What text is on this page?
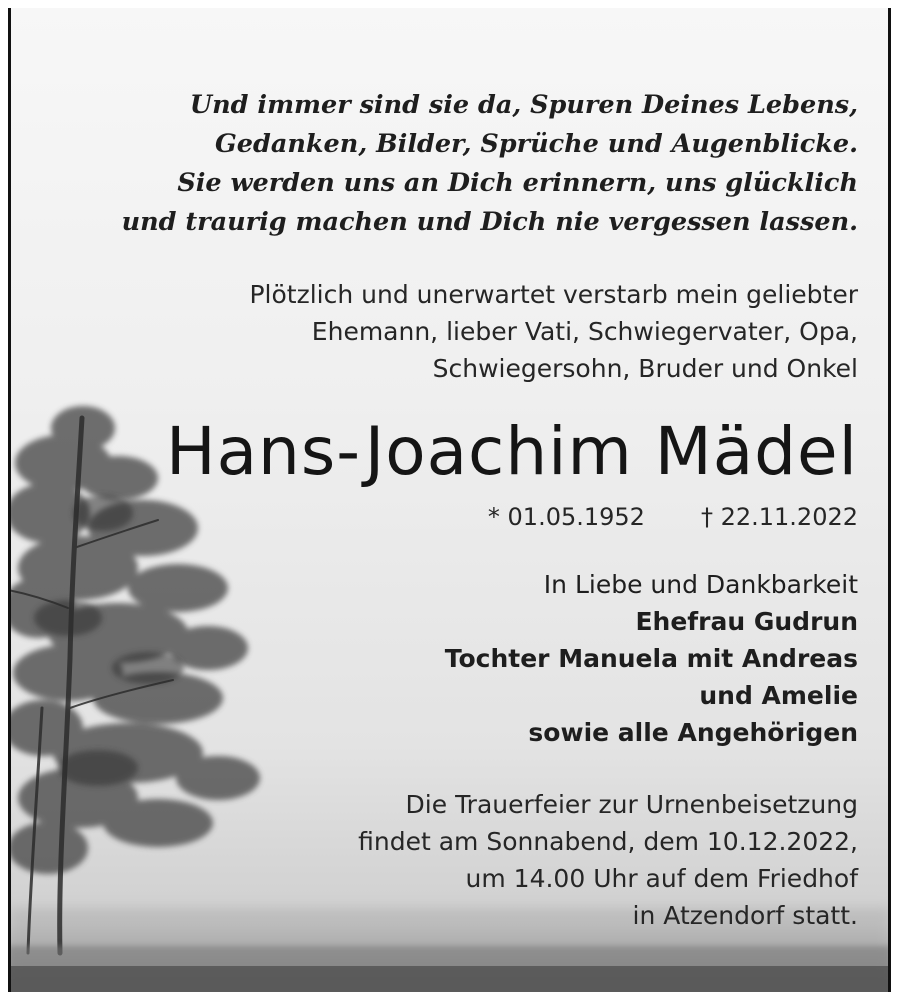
Und immer sind sie da, Spuren Deines Lebens,
Gedanken, Bilder, Sprüche und Augenblicke.
Sie werden uns an Dich erinnern, uns glücklich
und traurig machen und Dich nie vergessen lassen.
Plötzlich und unerwartet verstarb mein geliebter
Ehemann, lieber Vati, Schwiegervater, Opa,
Schwiegersohn, Bruder und Onkel
Hans-Joachim Mädel
* 01.05.1952 † 22.11.2022
In Liebe und Dankbarkeit
Ehefrau Gudrun
Tochter Manuela mit Andreas
und Amelie
sowie alle Angehörigen
Die Trauerfeier zur Urnenbeisetzung
findet am Sonnabend, dem 10.12.2022,
um 14.00 Uhr auf dem Friedhof
in Atzendorf statt.
